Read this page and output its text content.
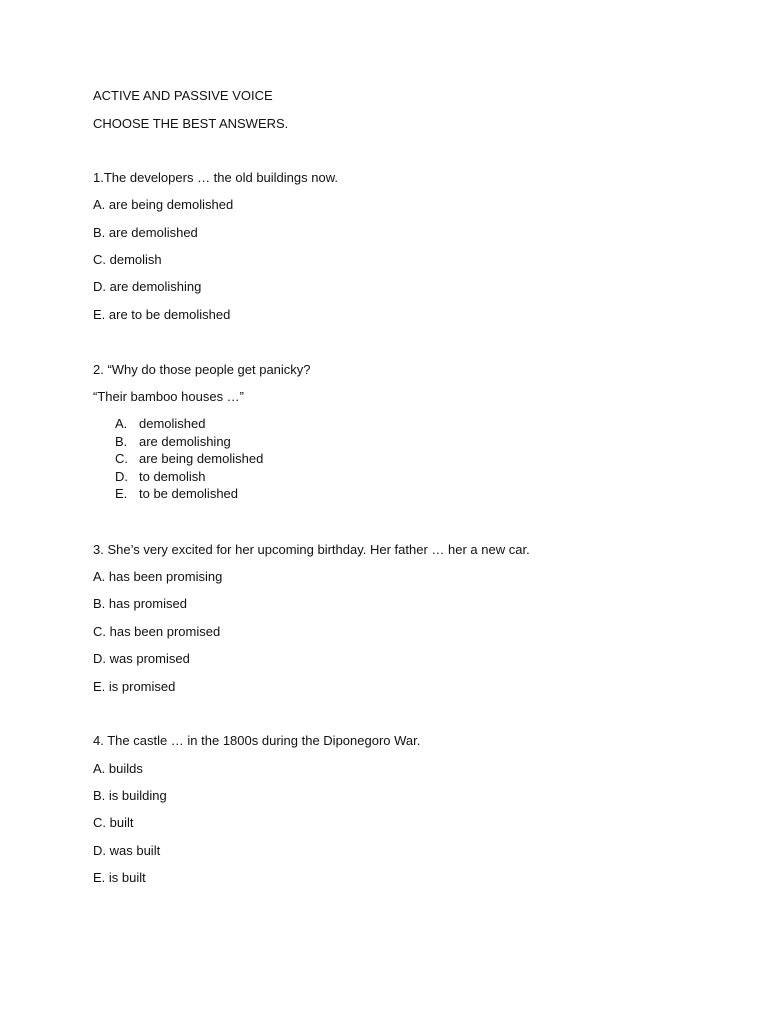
ACTIVE AND PASSIVE VOICE
CHOOSE THE BEST ANSWERS.
1.The developers … the old buildings now.
A. are being demolished
B. are demolished
C. demolish
D. are demolishing
E. are to be demolished
2. “Why do those people get panicky?
“Their bamboo houses …”
A. demolished
B. are demolishing
C. are being demolished
D. to demolish
E. to be demolished
3. She’s very excited for her upcoming birthday. Her father … her a new car.
A. has been promising
B. has promised
C. has been promised
D. was promised
E. is promised
4. The castle … in the 1800s during the Diponegoro War.
A. builds
B. is building
C. built
D. was built
E. is built
